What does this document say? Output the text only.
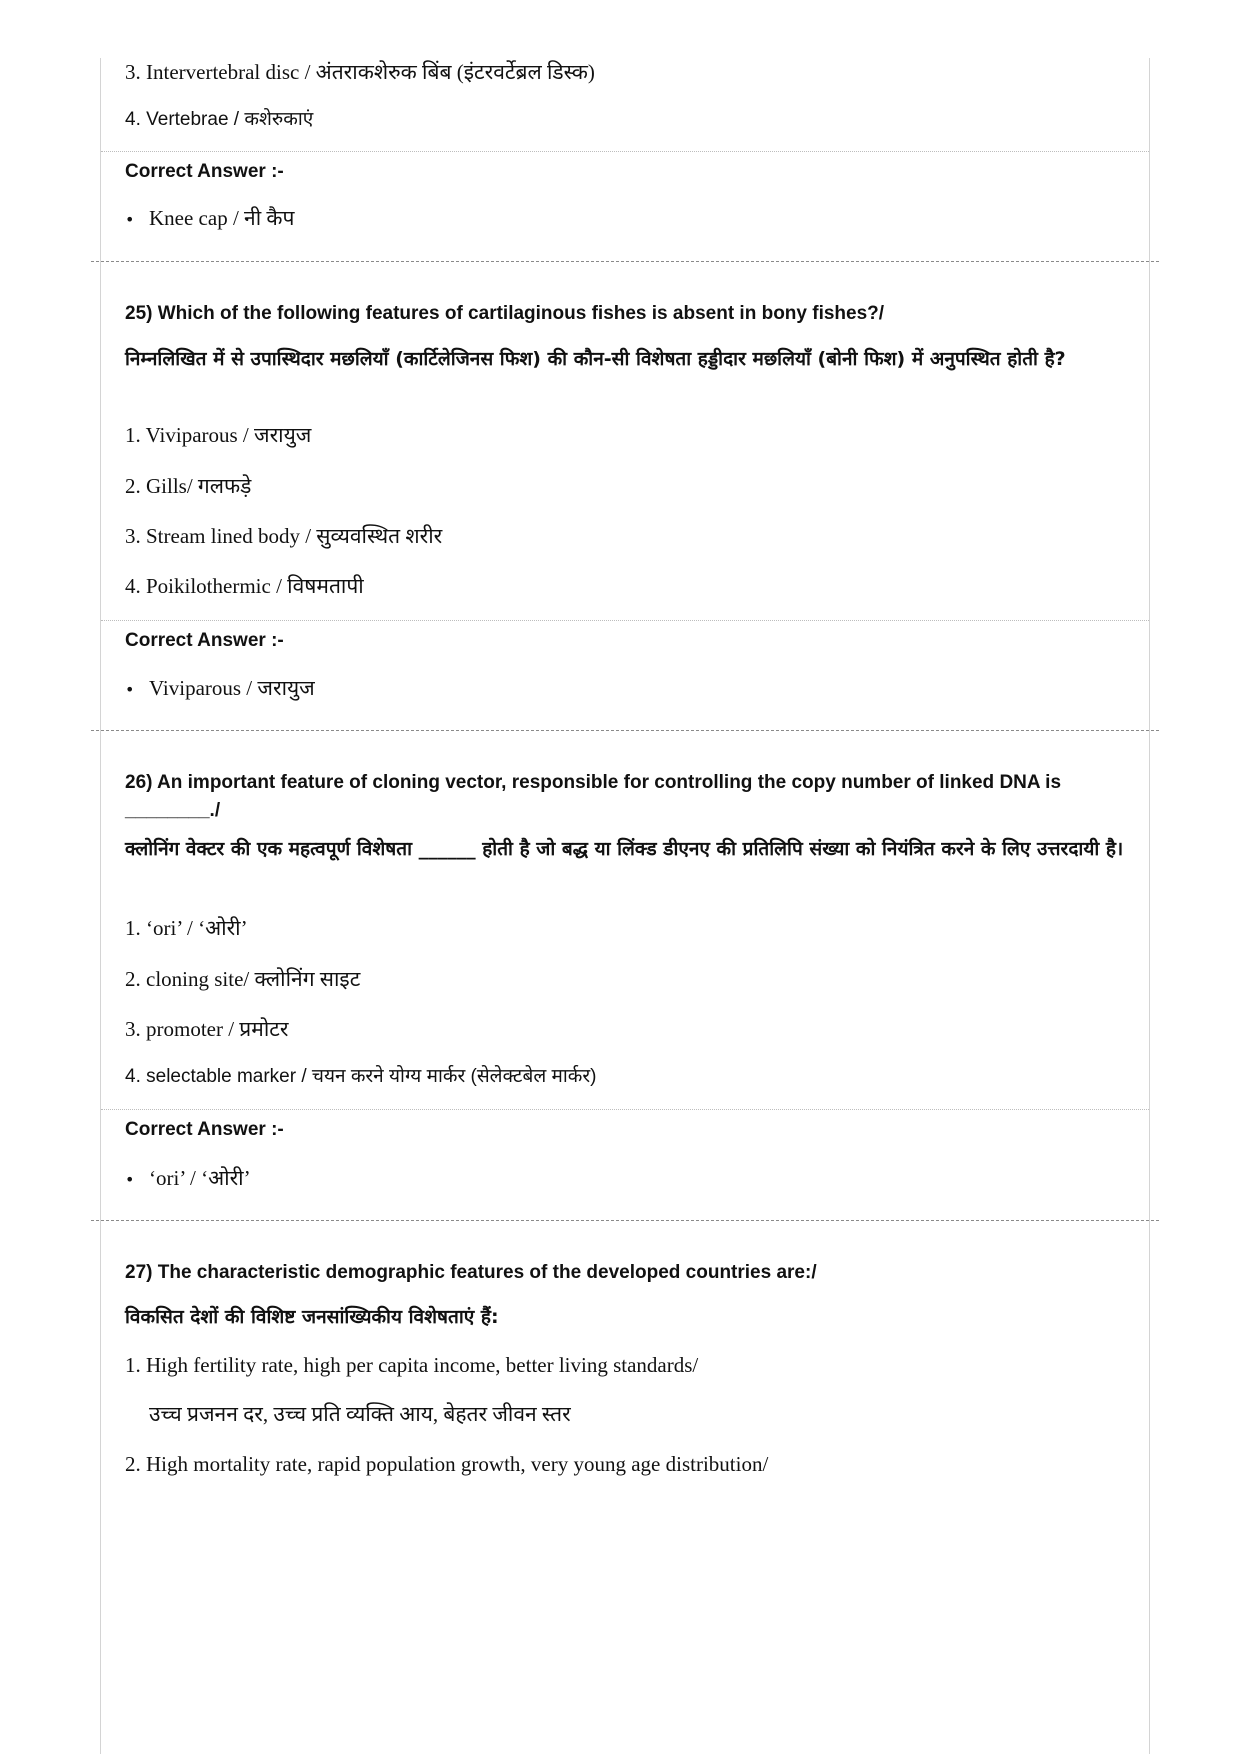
3. Intervertebral disc / अंतराकशेरुक बिंब (इंटरवर्टेब्रल डिस्क)
4. Vertebrae / कशेरुकाएं
Correct Answer :-
• Knee cap / नी कैप
25) Which of the following features of cartilaginous fishes is absent in bony fishes?/
निम्नलिखित में से उपास्थिदार मछलियाँ (कार्टिलेजिनस फिश) की कौन-सी विशेषता हड्डीदार मछलियाँ (बोनी फिश) में अनुपस्थित होती है?
1. Viviparous / जरायुज
2. Gills/ गलफड़े
3. Stream lined body / सुव्यवस्थित शरीर
4. Poikilothermic / विषमतापी
Correct Answer :-
• Viviparous / जरायुज
26) An important feature of cloning vector, responsible for controlling the copy number of linked DNA is ________./
क्लोनिंग वेक्टर की एक महत्वपूर्ण विशेषता ______ होती है जो बद्ध या लिंक्ड डीएनए की प्रतिलिपि संख्या को नियंत्रित करने के लिए उत्तरदायी है।
1. ‘ori’ / ‘ओरी’
2. cloning site/ क्लोनिंग साइट
3. promoter / प्रमोटर
4. selectable marker / चयन करने योग्य मार्कर (सेलेक्टबेल मार्कर)
Correct Answer :-
• ‘ori’ / ‘ओरी’
27) The characteristic demographic features of the developed countries are:/
विकसित देशों की विशिष्ट जनसांख्यिकीय विशेषताएं हैं:
1. High fertility rate, high per capita income, better living standards/
उच्च प्रजनन दर, उच्च प्रति व्यक्ति आय, बेहतर जीवन स्तर
2. High mortality rate, rapid population growth, very young age distribution/
